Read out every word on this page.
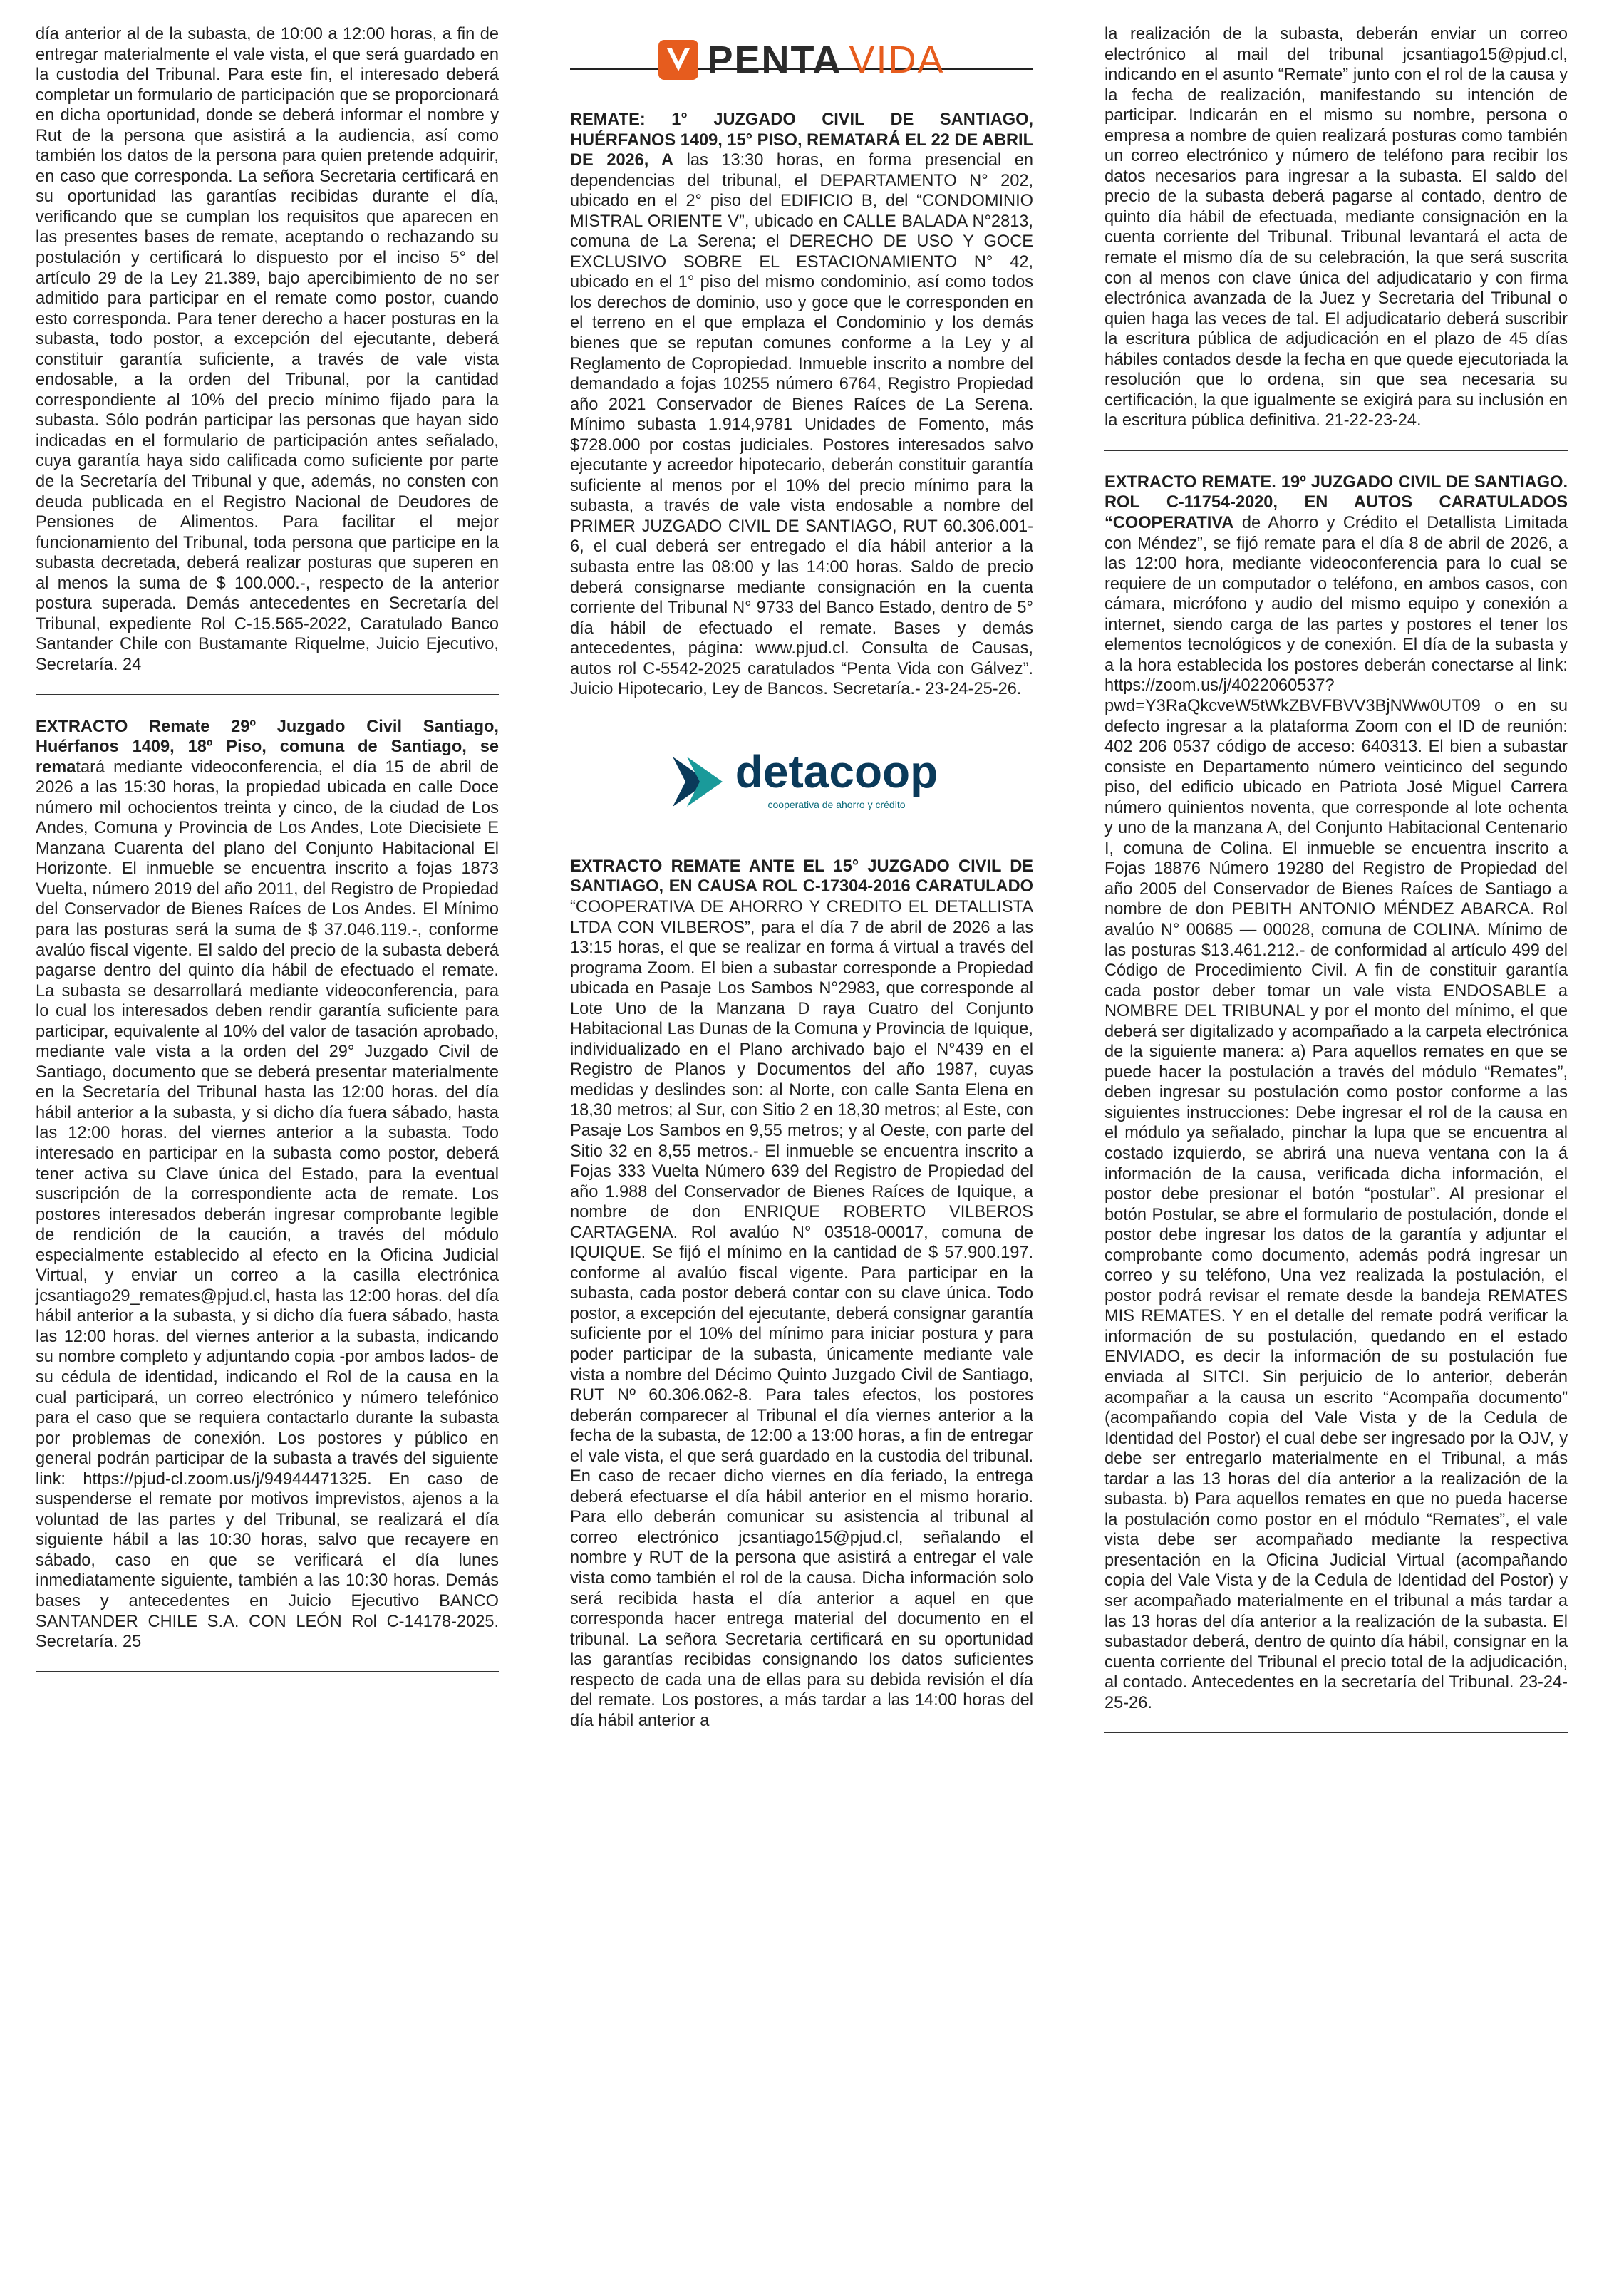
día anterior al de la subasta, de 10:00 a 12:00 horas, a fin de entregar materialmente el vale vista, el que será guardado en la custodia del Tribunal. Para este fin, el interesado deberá completar un formulario de participación que se proporcionará en dicha oportunidad, donde se deberá informar el nombre y Rut de la persona que asistirá a la audiencia, así como también los datos de la persona para quien pretende adquirir, en caso que corresponda. La señora Secretaria certificará en su oportunidad las garantías recibidas durante el día, verificando que se cumplan los requisitos que aparecen en las presentes bases de remate, aceptando o rechazando su postulación y certificará lo dispuesto por el inciso 5° del artículo 29 de la Ley 21.389, bajo apercibimiento de no ser admitido para participar en el remate como postor, cuando esto corresponda. Para tener derecho a hacer posturas en la subasta, todo postor, a excepción del ejecutante, deberá constituir garantía suficiente, a través de vale vista endosable, a la orden del Tribunal, por la cantidad correspondiente al 10% del precio mínimo fijado para la subasta. Sólo podrán participar las personas que hayan sido indicadas en el formulario de participación antes señalado, cuya garantía haya sido calificada como suficiente por parte de la Secretaría del Tribunal y que, además, no consten con deuda publicada en el Registro Nacional de Deudores de Pensiones de Alimentos. Para facilitar el mejor funcionamiento del Tribunal, toda persona que participe en la subasta decretada, deberá realizar posturas que superen en al menos la suma de $ 100.000.-, respecto de la anterior postura superada. Demás antecedentes en Secretaría del Tribunal, expediente Rol C-15.565-2022, Caratulado Banco Santander Chile con Bustamante Riquelme, Juicio Ejecutivo, Secretaría. 24

EXTRACTO Remate 29º Juzgado Civil Santiago, Huérfanos 1409, 18º Piso, comuna de Santiago, se rematará mediante videoconferencia, el día 15 de abril de 2026 a las 15:30 horas, la propiedad ubicada en calle Doce número mil ochocientos treinta y cinco, de la ciudad de Los Andes, Comuna y Provincia de Los Andes, Lote Diecisiete E Manzana Cuarenta del plano del Conjunto Habitacional El Horizonte. El inmueble se encuentra inscrito a fojas 1873 Vuelta, número 2019 del año 2011, del Registro de Propiedad del Conservador de Bienes Raíces de Los Andes. El Mínimo para las posturas será la suma de $ 37.046.119.-, conforme avalúo fiscal vigente. El saldo del precio de la subasta deberá pagarse dentro del quinto día hábil de efectuado el remate. La subasta se desarrollará mediante videoconferencia, para lo cual los interesados deben rendir garantía suficiente para participar, equivalente al 10% del valor de tasación aprobado, mediante vale vista a la orden del 29° Juzgado Civil de Santiago, documento que se deberá presentar materialmente en la Secretaría del Tribunal hasta las 12:00 horas. del día hábil anterior a la subasta, y si dicho día fuera sábado, hasta las 12:00 horas. del viernes anterior a la subasta. Todo interesado en participar en la subasta como postor, deberá tener activa su Clave única del Estado, para la eventual suscripción de la correspondiente acta de remate. Los postores interesados deberán ingresar comprobante legible de rendición de la caución, a través del módulo especialmente establecido al efecto en la Oficina Judicial Virtual, y enviar un correo a la casilla electrónica jcsantiago29_remates@pjud.cl, hasta las 12:00 horas. del día hábil anterior a la subasta, y si dicho día fuera sábado, hasta las 12:00 horas. del viernes anterior a la subasta, indicando su nombre completo y adjuntando copia -por ambos lados- de su cédula de identidad, indicando el Rol de la causa en la cual participará, un correo electrónico y número telefónico para el caso que se requiera contactarlo durante la subasta por problemas de conexión. Los postores y público en general podrán participar de la subasta a través del siguiente link: https://pjud-cl.zoom.us/j/94944471325. En caso de suspenderse el remate por motivos imprevistos, ajenos a la voluntad de las partes y del Tribunal, se realizará el día siguiente hábil a las 10:30 horas, salvo que recayere en sábado, caso en que se verificará el día lunes inmediatamente siguiente, también a las 10:30 horas. Demás bases y antecedentes en Juicio Ejecutivo BANCO SANTANDER CHILE S.A. CON LEÓN Rol C-14178-2025. Secretaría. 25

PENTA VIDA

REMATE: 1° JUZGADO CIVIL DE SANTIAGO, HUÉRFANOS 1409, 15° PISO, REMATARÁ EL 22 DE ABRIL DE 2026, A las 13:30 horas, en forma presencial en dependencias del tribunal, el DEPARTAMENTO N° 202, ubicado en el 2° piso del EDIFICIO B, del “CONDOMINIO MISTRAL ORIENTE V”, ubicado en CALLE BALADA N°2813, comuna de La Serena; el DERECHO DE USO Y GOCE EXCLUSIVO SOBRE EL ESTACIONAMIENTO N° 42, ubicado en el 1° piso del mismo condominio, así como todos los derechos de dominio, uso y goce que le corresponden en el terreno en el que emplaza el Condominio y los demás bienes que se reputan comunes conforme a la Ley y al Reglamento de Copropiedad. Inmueble inscrito a nombre del demandado a fojas 10255 número 6764, Registro Propiedad año 2021 Conservador de Bienes Raíces de La Serena. Mínimo subasta 1.914,9781 Unidades de Fomento, más $728.000 por costas judiciales. Postores interesados salvo ejecutante y acreedor hipotecario, deberán constituir garantía suficiente al menos por el 10% del precio mínimo para la subasta, a través de vale vista endosable a nombre del PRIMER JUZGADO CIVIL DE SANTIAGO, RUT 60.306.001-6, el cual deberá ser entregado el día hábil anterior a la subasta entre las 08:00 y las 14:00 horas. Saldo de precio deberá consignarse mediante consignación en la cuenta corriente del Tribunal N° 9733 del Banco Estado, dentro de 5° día hábil de efectuado el remate. Bases y demás antecedentes, página: www.pjud.cl. Consulta de Causas, autos rol C-5542-2025 caratulados “Penta Vida con Gálvez”. Juicio Hipotecario, Ley de Bancos. Secretaría.- 23-24-25-26.

detacoop
cooperativa de ahorro y crédito

EXTRACTO REMATE ANTE EL 15° JUZGADO CIVIL DE SANTIAGO, EN CAUSA ROL C-17304-2016 CARATULADO “COOPERATIVA DE AHORRO Y CREDITO EL DETALLISTA LTDA CON VILBEROS”, para el día 7 de abril de 2026 a las 13:15 horas, el que se realizar en forma á virtual a través del programa Zoom. El bien a subastar corresponde a Propiedad ubicada en Pasaje Los Sambos N°2983, que corresponde al Lote Uno de la Manzana D raya Cuatro del Conjunto Habitacional Las Dunas de la Comuna y Provincia de Iquique, individualizado en el Plano archivado bajo el N°439 en el Registro de Planos y Documentos del año 1987, cuyas medidas y deslindes son: al Norte, con calle Santa Elena en 18,30 metros; al Sur, con Sitio 2 en 18,30 metros; al Este, con Pasaje Los Sambos en 9,55 metros; y al Oeste, con parte del Sitio 32 en 8,55 metros.- El inmueble se encuentra inscrito a Fojas 333 Vuelta Número 639 del Registro de Propiedad del año 1.988 del Conservador de Bienes Raíces de Iquique, a nombre de don ENRIQUE ROBERTO VILBEROS CARTAGENA. Rol avalúo N° 03518-00017, comuna de IQUIQUE. Se fijó el mínimo en la cantidad de $ 57.900.197. conforme al avalúo fiscal vigente. Para participar en la subasta, cada postor deberá contar con su clave única. Todo postor, a excepción del ejecutante, deberá consignar garantía suficiente por el 10% del mínimo para iniciar postura y para poder participar de la subasta, únicamente mediante vale vista a nombre del Décimo Quinto Juzgado Civil de Santiago, RUT Nº 60.306.062-8. Para tales efectos, los postores deberán comparecer al Tribunal el día viernes anterior a la fecha de la subasta, de 12:00 a 13:00 horas, a fin de entregar el vale vista, el que será guardado en la custodia del tribunal. En caso de recaer dicho viernes en día feriado, la entrega deberá efectuarse el día hábil anterior en el mismo horario. Para ello deberán comunicar su asistencia al tribunal al correo electrónico jcsantiago15@pjud.cl, señalando el nombre y RUT de la persona que asistirá a entregar el vale vista como también el rol de la causa. Dicha información solo será recibida hasta el día anterior a aquel en que corresponda hacer entrega material del documento en el tribunal. La señora Secretaria certificará en su oportunidad las garantías recibidas consignando los datos suficientes respecto de cada una de ellas para su debida revisión el día del remate. Los postores, a más tardar a las 14:00 horas del día hábil anterior a

la realización de la subasta, deberán enviar un correo electrónico al mail del tribunal jcsantiago15@pjud.cl, indicando en el asunto “Remate” junto con el rol de la causa y la fecha de realización, manifestando su intención de participar. Indicarán en el mismo su nombre, persona o empresa a nombre de quien realizará posturas como también un correo electrónico y número de teléfono para recibir los datos necesarios para ingresar a la subasta. El saldo del precio de la subasta deberá pagarse al contado, dentro de quinto día hábil de efectuada, mediante consignación en la cuenta corriente del Tribunal. Tribunal levantará el acta de remate el mismo día de su celebración, la que será suscrita con al menos con clave única del adjudicatario y con firma electrónica avanzada de la Juez y Secretaria del Tribunal o quien haga las veces de tal. El adjudicatario deberá suscribir la escritura pública de adjudicación en el plazo de 45 días hábiles contados desde la fecha en que quede ejecutoriada la resolución que lo ordena, sin que sea necesaria su certificación, la que igualmente se exigirá para su inclusión en la escritura pública definitiva. 21-22-23-24.

EXTRACTO REMATE. 19º JUZGADO CIVIL DE SANTIAGO. ROL C-11754-2020, EN AUTOS CARATULADOS “COOPERATIVA de Ahorro y Crédito el Detallista Limitada con Méndez”, se fijó remate para el día 8 de abril de 2026, a las 12:00 hora, mediante videoconferencia para lo cual se requiere de un computador o teléfono, en ambos casos, con cámara, micrófono y audio del mismo equipo y conexión a internet, siendo carga de las partes y postores el tener los elementos tecnológicos y de conexión. El día de la subasta y a la hora establecida los postores deberán conectarse al link: https://zoom.us/j/4022060537?pwd=Y3RaQkcveW5tWkZBVFBVV3BjNWw0UT09 o en su defecto ingresar a la plataforma Zoom con el ID de reunión: 402 206 0537 código de acceso: 640313. El bien a subastar consiste en Departamento número veinticinco del segundo piso, del edificio ubicado en Patriota José Miguel Carrera número quinientos noventa, que corresponde al lote ochenta y uno de la manzana A, del Conjunto Habitacional Centenario I, comuna de Colina. El inmueble se encuentra inscrito a Fojas 18876 Número 19280 del Registro de Propiedad del año 2005 del Conservador de Bienes Raíces de Santiago a nombre de don PEBITH ANTONIO MÉNDEZ ABARCA. Rol avalúo N° 00685 — 00028, comuna de COLINA. Mínimo de las posturas $13.461.212.- de conformidad al artículo 499 del Código de Procedimiento Civil. A fin de constituir garantía cada postor deber tomar un vale vista ENDOSABLE a NOMBRE DEL TRIBUNAL y por el monto del mínimo, el que deberá ser digitalizado y acompañado a la carpeta electrónica de la siguiente manera: a) Para aquellos remates en que se puede hacer la postulación a través del módulo “Remates”, deben ingresar su postulación como postor conforme a las siguientes instrucciones: Debe ingresar el rol de la causa en el módulo ya señalado, pinchar la lupa que se encuentra al costado izquierdo, se abrirá una nueva ventana con la á información de la causa, verificada dicha información, el postor debe presionar el botón “postular”. Al presionar el botón Postular, se abre el formulario de postulación, donde el postor debe ingresar los datos de la garantía y adjuntar el comprobante como documento, además podrá ingresar un correo y su teléfono, Una vez realizada la postulación, el postor podrá revisar el remate desde la bandeja REMATES MIS REMATES. Y en el detalle del remate podrá verificar la información de su postulación, quedando en el estado ENVIADO, es decir la información de su postulación fue enviada al SITCI. Sin perjuicio de lo anterior, deberán acompañar a la causa un escrito “Acompaña documento” (acompañando copia del Vale Vista y de la Cedula de Identidad del Postor) el cual debe ser ingresado por la OJV, y debe ser entregarlo materialmente en el Tribunal, a más tardar a las 13 horas del día anterior a la realización de la subasta. b) Para aquellos remates en que no pueda hacerse la postulación como postor en el módulo “Remates”, el vale vista debe ser acompañado mediante la respectiva presentación en la Oficina Judicial Virtual (acompañando copia del Vale Vista y de la Cedula de Identidad del Postor) y ser acompañado materialmente en el tribunal a más tardar a las 13 horas del día anterior a la realización de la subasta. El subastador deberá, dentro de quinto día hábil, consignar en la cuenta corriente del Tribunal el precio total de la adjudicación, al contado. Antecedentes en la secretaría del Tribunal. 23-24-25-26.
